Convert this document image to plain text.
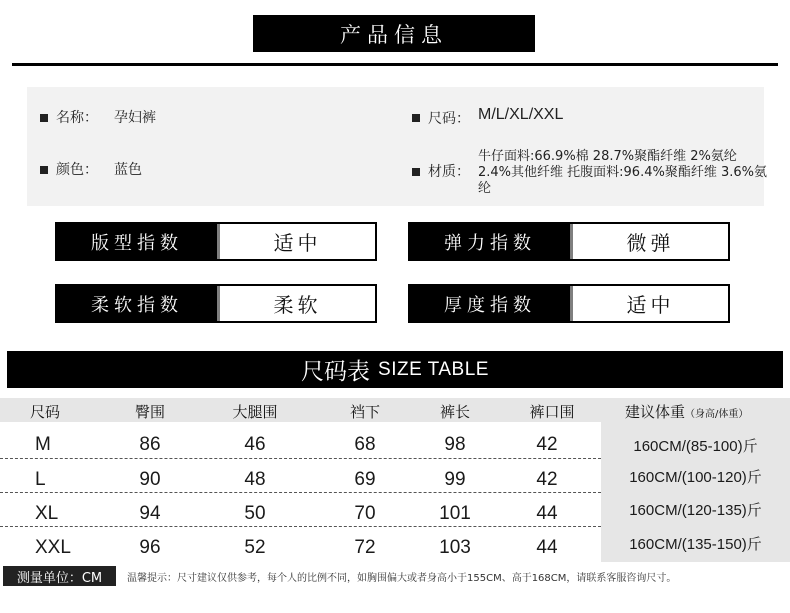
产品信息
名称： 孕妇裤
颜色： 蓝色
尺码： M/L/XL/XXL
材质：
牛仔面料:66.9%棉 28.7%聚酯纤维 2%氨纶 2.4%其他纤维 托腹面料:96.4%聚酯纤维 3.6%氨纶
版型指数	适中	弹力指数	微弹
柔软指数	柔软	厚度指数	适中
尺码表 SIZE TABLE
尺码	臀围	大腿围	裆下	裤长	裤口围	建议体重（身高/体重）
M	86	46	68	98	42	160CM/(85-100)斤
L	90	48	69	99	42	160CM/(100-120)斤
XL	94	50	70	101	44	160CM/(120-135)斤
XXL	96	52	72	103	44	160CM/(135-150)斤
测量单位：CM	温馨提示：尺寸建议仅供参考，每个人的比例不同，如胸围偏大或者身高小于155CM、高于168CM，请联系客服咨询尺寸。
